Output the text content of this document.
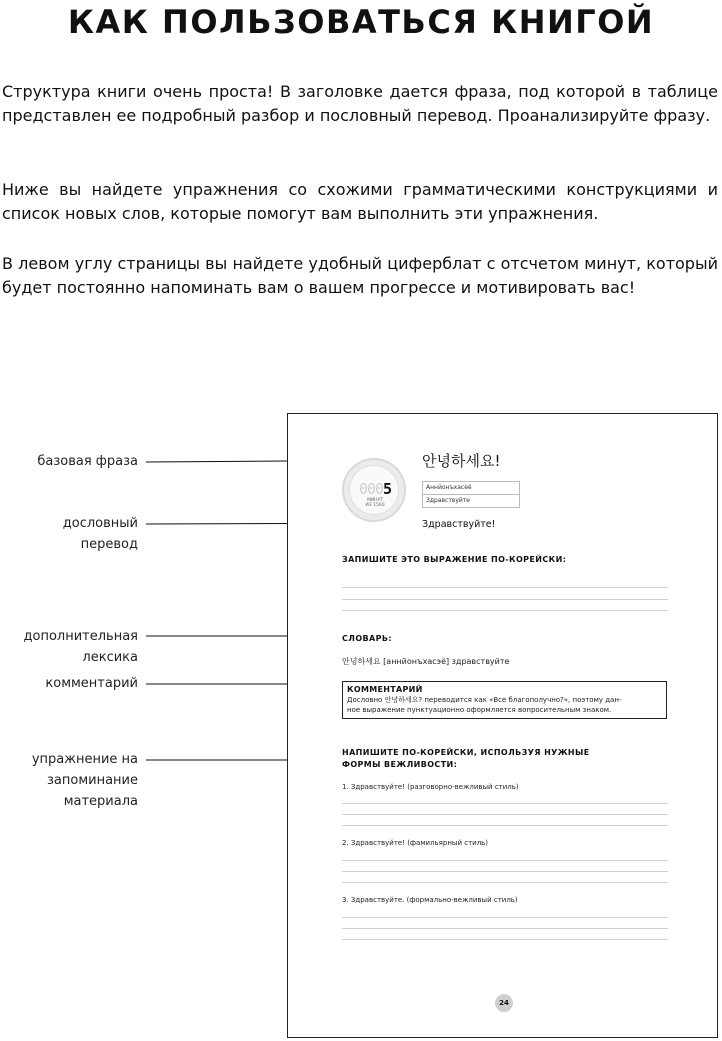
КАК ПОЛЬЗОВАТЬСЯ КНИГОЙ

Структура книги очень проста! В заголовке дается фраза, под которой в таблице представлен ее подробный разбор и пословный перевод. Проанализируйте фразу.

Ниже вы найдете упражнения со схожими грамматическими конструкциями и список новых слов, которые помогут вам выполнить эти упражнения.

В левом углу страницы вы найдете удобный циферблат с отсчетом минут, который будет постоянно напоминать вам о вашем прогрессе и мотивировать вас!

базовая фраза
дословный перевод
дополнительная лексика
комментарий
упражнение на запоминание материала
0005
МИНУТ
ИЗ 1560
안녕하세요!
Аннйонъхасеё
Здравствуйте
Здравствуйте!
ЗАПИШИТЕ ЭТО ВЫРАЖЕНИЕ ПО-КОРЕЙСКИ:
СЛОВАРЬ:
안녕하세요 [аннйонъхасэё] здравствуйте
КОММЕНТАРИЙ
Дословно 안녕하세요? переводится как «Все благополучно?», поэтому дан-
ное выражение пунктуационно оформляется вопросительным знаком.
НАПИШИТЕ ПО-КОРЕЙСКИ, ИСПОЛЬЗУЯ НУЖНЫЕ
ФОРМЫ ВЕЖЛИВОСТИ:
1. Здравствуйте! (разговорно-вежливый стиль)
2. Здравствуйте! (фамильярный стиль)
3. Здравствуйте. (формально-вежливый стиль)
24
